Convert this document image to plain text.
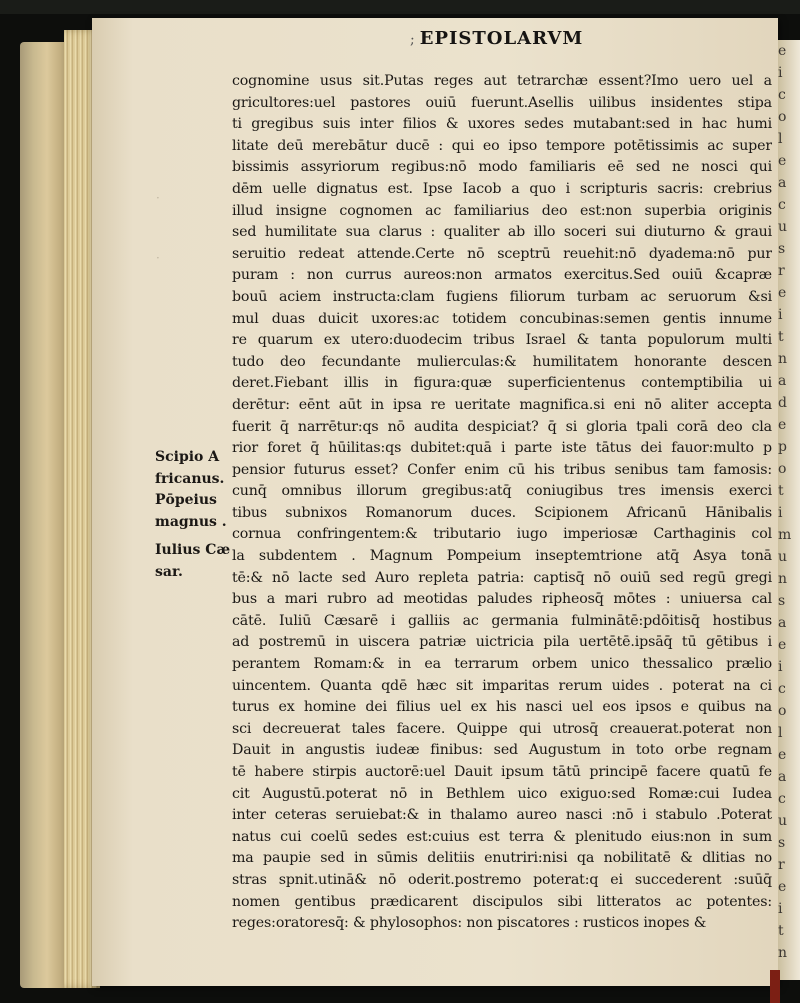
·
·
; EPISTOLARVM
cognomine usus sit.Putas reges aut tetrarchæ essent?Imo uero uel a
gricultores:uel pastores ouiū fuerunt.Asellis uilibus insidentes stipa
ti gregibus suis inter filios & uxores sedes mutabant:sed in hac humi
litate deū merebātur ducē : qui eo ipso tempore potētissimis ac super
bissimis assyriorum regibus:nō modo familiaris eē sed ne nosci qui
dēm uelle dignatus est. Ipse Iacob a quo i scripturis sacris: crebrius
illud insigne cognomen ac familiarius deo est:non superbia originis
sed humilitate sua clarus : qualiter ab illo soceri sui diuturno & graui
seruitio redeat attende.Certe nō sceptrū reuehit:nō dyadema:nō pur
puram : non currus aureos:non armatos exercitus.Sed ouiū &capræ
bouū aciem instructa:clam fugiens filiorum turbam ac seruorum &si
mul duas duicit uxores:ac totidem concubinas:semen gentis innume
re quarum ex utero:duodecim tribus Israel & tanta populorum multi
tudo deo fecundante mulierculas:& humilitatem honorante descen
deret.Fiebant illis in figura:quæ superficientenus contemptibilia ui
derētur: eēnt aūt in ipsa re ueritate magnifica.si eni nō aliter accepta
fuerit q̄ narrētur:qs nō audita despiciat? q̄ si gloria tpali corā deo cla
rior foret q̄ hūilitas:qs dubitet:quā i parte iste tātus dei fauor:multo p
pensior futurus esset? Confer enim cū his tribus senibus tam famosis:
cunq̄ omnibus illorum gregibus:atq̄ coniugibus tres imensis exerci
tibus subnixos Romanorum duces. Scipionem Africanū Hānibalis
cornua confringentem:& tributario iugo imperiosæ Carthaginis col
la subdentem . Magnum Pompeium inseptemtrione atq̄ Asya tonā
tē:& nō lacte sed Auro repleta patria: captisq̄ nō ouiū sed regū gregi
bus a mari rubro ad meotidas paludes ripheosq̄ mōtes : uniuersa cal
cātē. Iuliū Cæsarē i galliis ac germania fulminātē:pdōitisq̄ hostibus
ad postremū in uiscera patriæ uictricia pila uertētē.ipsāq̄ tū gētibus i
perantem Romam:& in ea terrarum orbem unico thessalico prælio
uincentem. Quanta qdē hæc sit imparitas rerum uides . poterat na ci
turus ex homine dei filius uel ex his nasci uel eos ipsos e quibus na
sci decreuerat tales facere. Quippe qui utrosq̄ creauerat.poterat non
Dauit in angustis iudeæ finibus: sed Augustum in toto orbe regnam
tē habere stirpis auctorē:uel Dauit ipsum tātū principē facere quatū fe
cit Augustū.poterat nō in Bethlem uico exiguo:sed Romæ:cui Iudea
inter ceteras seruiebat:& in thalamo aureo nasci :nō i stabulo .Poterat
natus cui coelū sedes est:cuius est terra & plenitudo eius:non in sum
ma paupie sed in sūmis delitiis enutriri:nisi qa nobilitatē & dlitias no
stras spnit.utinā& nō oderit.postremo poterat:q ei succederent :suūq̄
nomen gentibus prædicarent discipulos sibi litteratos ac potentes:
reges:oratoresq̄: & phylosophos: non piscatores : rusticos inopes &
Scipio A
fricanus.
Pōpeius
magnus .
Iulius Cæ
sar.
e
i
c
o
l
e
a
c
u
s
r
e
i
t
n
a
d
e
p
o
t
i
m
u
n
s
a
e
i
c
o
l
e
a
c
u
s
r
e
i
t
n
